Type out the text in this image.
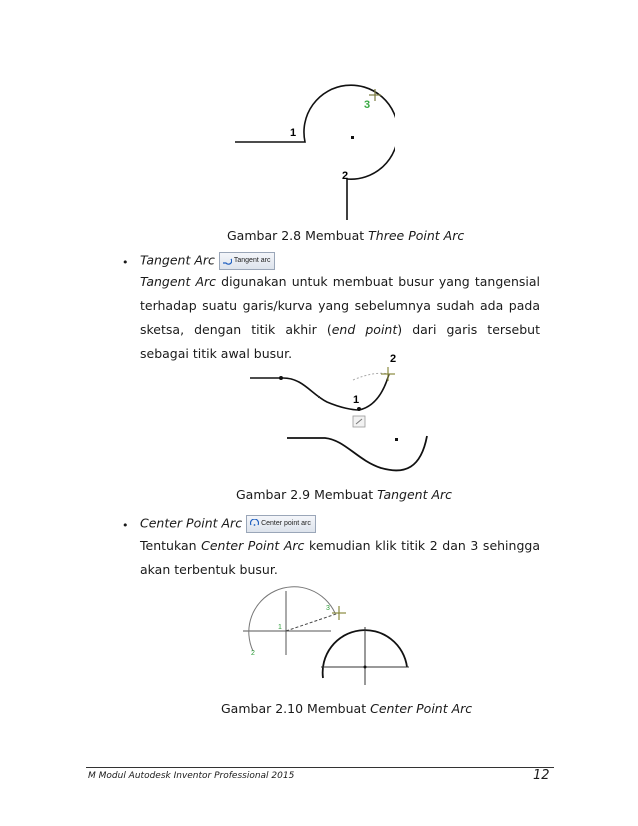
1
2
3
Gambar 2.8 Membuat Three Point Arc
• Tangent Arc	Tangent arc
Tangent Arc digunakan untuk membuat busur yang tangensial terhadap suatu garis/kurva yang sebelumnya sudah ada pada sketsa, dengan titik akhir (end point) dari garis tersebut sebagai titik awal busur.
1
2
Gambar 2.9 Membuat Tangent Arc
• Center Point Arc	Center point arc
Tentukan Center Point Arc kemudian klik titik 2 dan 3 sehingga akan terbentuk busur.
1
2
3
Gambar 2.10 Membuat Center Point Arc
M Modul Autodesk Inventor Professional 2015	12
